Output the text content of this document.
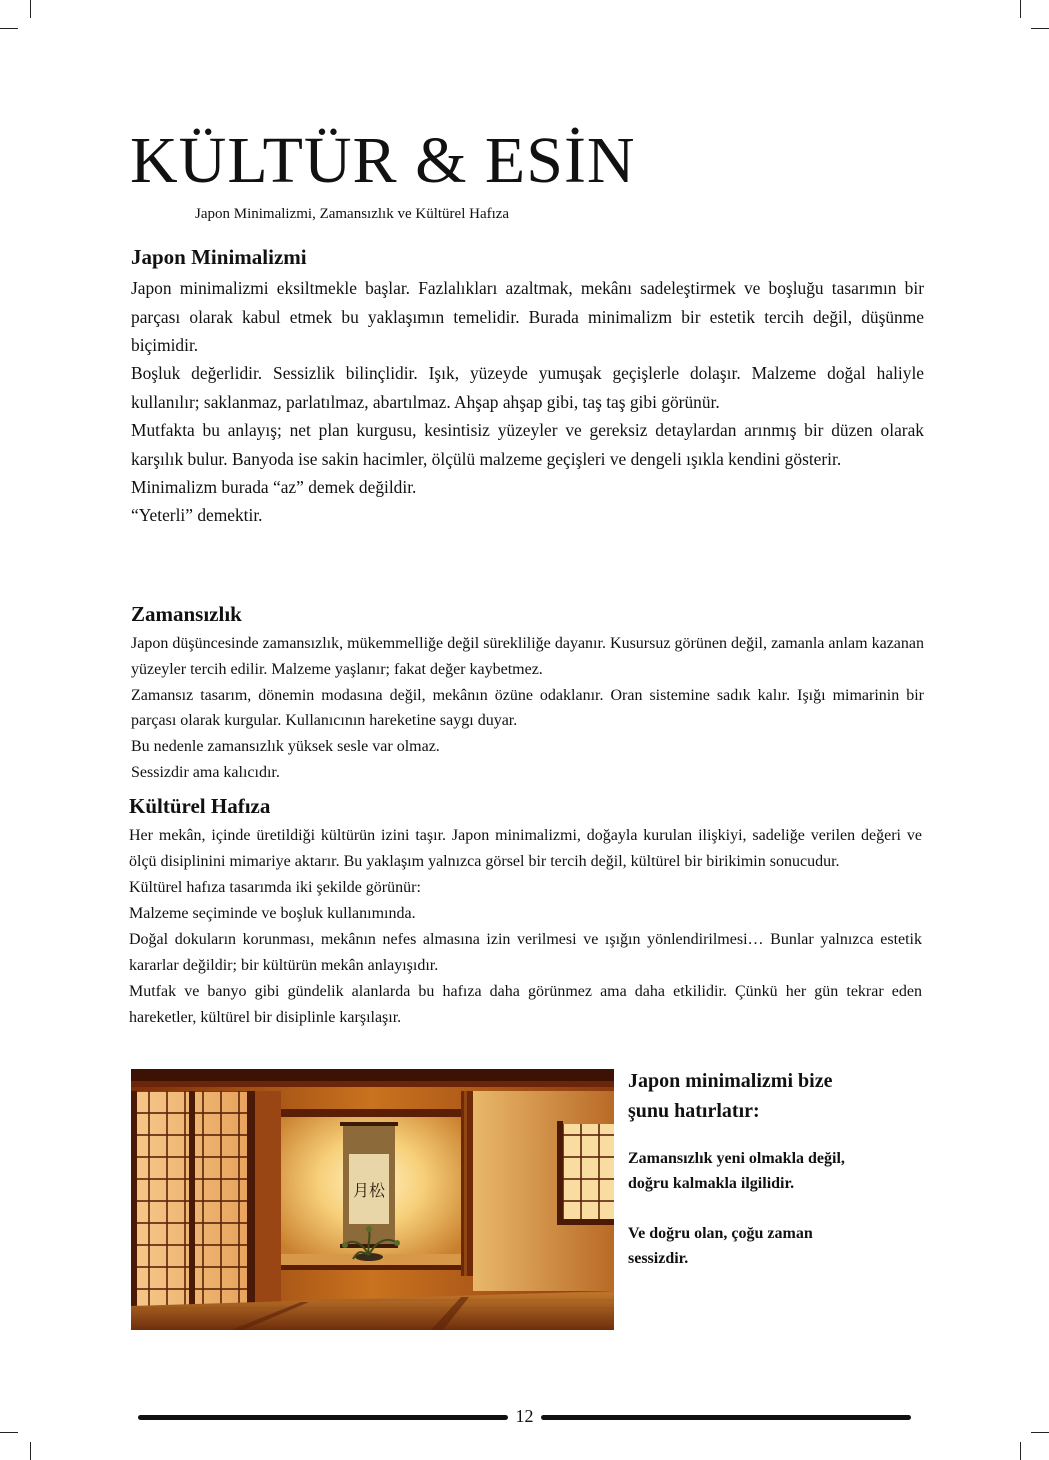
KÜLTÜR & ESİN

Japon Minimalizmi, Zamansızlık ve Kültürel Hafıza

Japon Minimalizmi

Japon minimalizmi eksiltmekle başlar. Fazlalıkları azaltmak, mekânı sadeleştirmek ve boşluğu tasarımın bir parçası olarak kabul etmek bu yaklaşımın temelidir. Burada minimalizm bir estetik tercih değil, düşünme biçimidir.

Boşluk değerlidir. Sessizlik bilinçlidir. Işık, yüzeyde yumuşak geçişlerle dolaşır. Malzeme doğal haliyle kullanılır; saklanmaz, parlatılmaz, abartılmaz. Ahşap ahşap gibi, taş taş gibi görünür.

Mutfakta bu anlayış; net plan kurgusu, kesintisiz yüzeyler ve gereksiz detaylardan arınmış bir düzen olarak karşılık bulur. Banyoda ise sakin hacimler, ölçülü malzeme geçişleri ve dengeli ışıkla kendini gösterir.

Minimalizm burada “az” demek değildir.

“Yeterli” demektir.

Zamansızlık

Japon düşüncesinde zamansızlık, mükemmelliğe değil sürekliliğe dayanır. Kusursuz görünen değil, zamanla anlam kazanan yüzeyler tercih edilir. Malzeme yaşlanır; fakat değer kaybetmez.

Zamansız tasarım, dönemin modasına değil, mekânın özüne odaklanır. Oran sistemine sadık kalır. Işığı mimarinin bir parçası olarak kurgular. Kullanıcının hareketine saygı duyar.

Bu nedenle zamansızlık yüksek sesle var olmaz.

Sessizdir ama kalıcıdır.

Kültürel Hafıza

Her mekân, içinde üretildiği kültürün izini taşır. Japon minimalizmi, doğayla kurulan ilişkiyi, sadeliğe verilen değeri ve ölçü disiplinini mimariye aktarır. Bu yaklaşım yalnızca görsel bir tercih değil, kültürel bir birikimin sonucudur.

Kültürel hafıza tasarımda iki şekilde görünür:

Malzeme seçiminde ve boşluk kullanımında.

Doğal dokuların korunması, mekânın nefes almasına izin verilmesi ve ışığın yönlendirilmesi… Bunlar yalnızca estetik kararlar değildir; bir kültürün mekân anlayışıdır.

Mutfak ve banyo gibi gündelik alanlarda bu hafıza daha görünmez ama daha etkilidir. Çünkü her gün tekrar eden hareketler, kültürel bir disiplinle karşılaşır.

月松
Japon minimalizmi bize
şunu hatırlatır:

Zamansızlık yeni olmakla değil,

doğru kalmakla ilgilidir.

Ve doğru olan, çoğu zaman

sessizdir.

12
